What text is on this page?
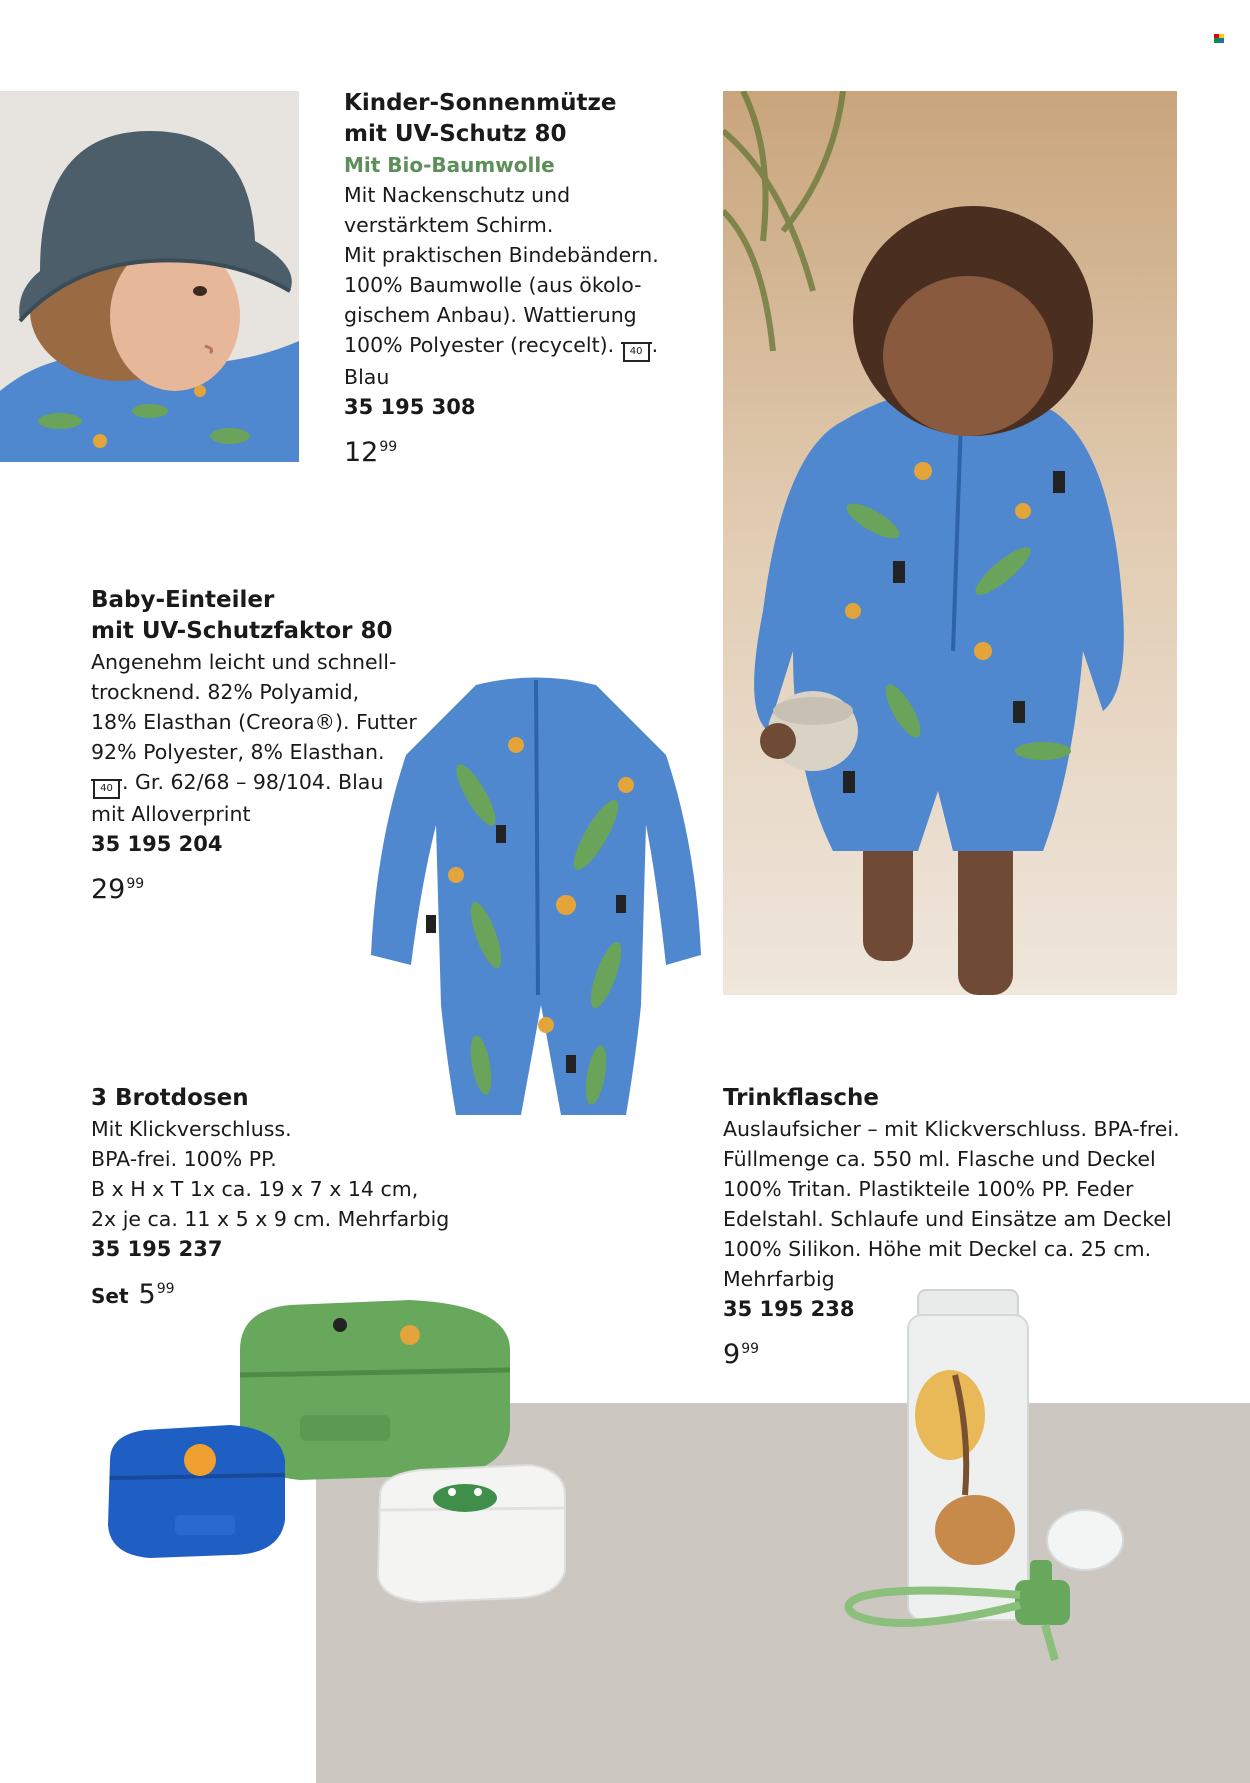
Kinder-Sonnenmütze
mit UV-Schutz 80

Mit Bio-Baumwolle

Mit Nackenschutz und
verstärktem Schirm.
Mit praktischen Bindebändern.
100% Baumwolle (aus ökolo-
gischem Anbau). Wattierung
100% Polyester (recycelt). 40 .

Blau

35 195 308

$12^{99}$

Baby-Einteiler
mit UV-Schutzfaktor 80

Angenehm leicht und schnell-
trocknend. 82% Polyamid,
18% Elasthan (Creora®). Futter
92% Polyester, 8% Elasthan.

40 . Gr. 62/68 – 98/104. Blau

mit Alloverprint

35 195 204

$29^{99}$

3 Brotdosen

Mit Klickverschluss.
BPA-frei. 100% PP.
B x H x T 1x ca. 19 x 7 x 14 cm,
2x je ca. 11 x 5 x 9 cm. Mehrfarbig

35 195 237

Set $5^{99}$

Trinkflasche

Auslaufsicher – mit Klickverschluss. BPA-frei.
Füllmenge ca. 550 ml. Flasche und Deckel
100% Tritan. Plastikteile 100% PP. Feder
Edelstahl. Schlaufe und Einsätze am Deckel
100% Silikon. Höhe mit Deckel ca. 25 cm.
Mehrfarbig

35 195 238

$9^{99}$
